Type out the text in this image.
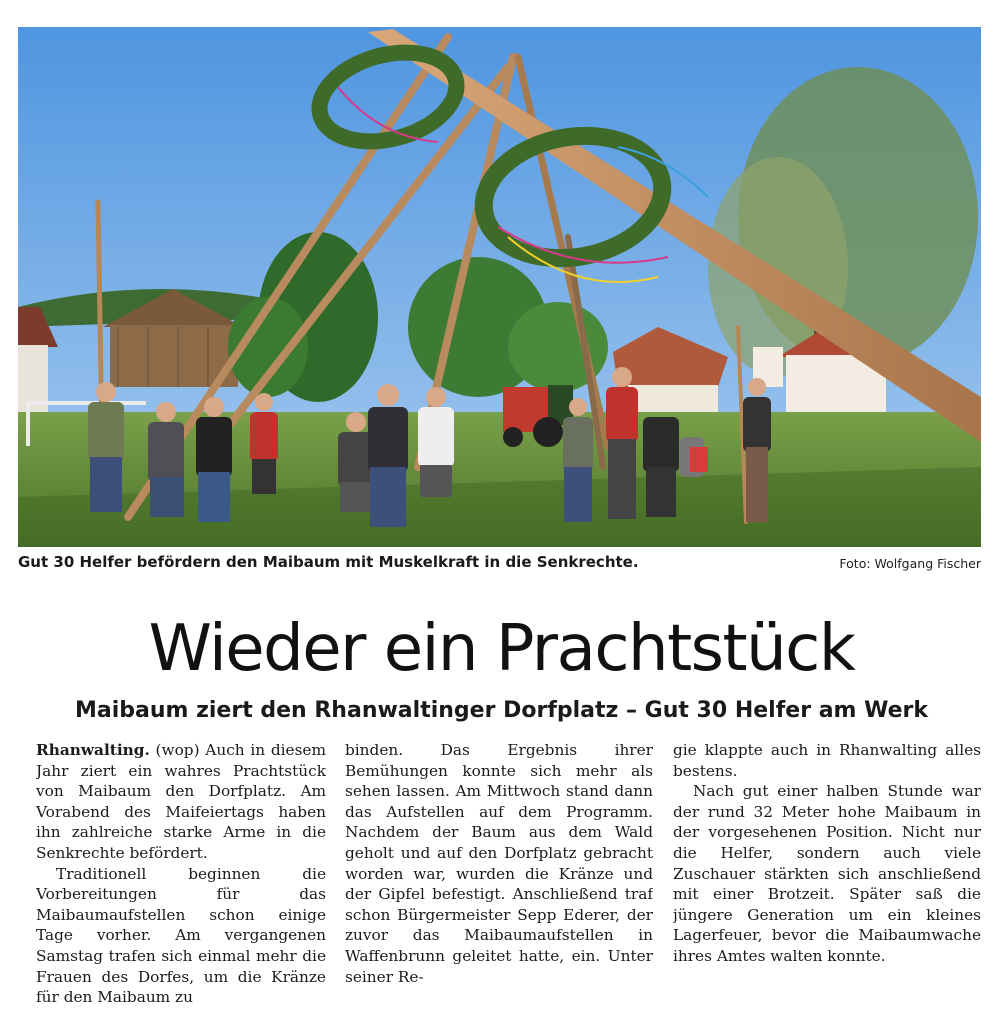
Gut 30 Helfer befördern den Maibaum mit Muskelkraft in die Senkrechte.	Foto: Wolfgang Fischer
Wieder ein Prachtstück
Maibaum ziert den Rhanwaltinger Dorfplatz – Gut 30 Helfer am Werk

Rhanwalting. (wop) Auch in diesem Jahr ziert ein wahres Prachtstück von Maibaum den Dorfplatz. Am Vorabend des Maifeiertags haben ihn zahlreiche starke Arme in die Senkrechte befördert.

Traditionell beginnen die Vorbereitungen für das Maibaumaufstellen schon einige Tage vorher. Am vergangenen Samstag trafen sich einmal mehr die Frauen des Dorfes, um die Kränze für den Maibaum zu

binden. Das Ergebnis ihrer Bemühungen konnte sich mehr als sehen lassen. Am Mittwoch stand dann das Aufstellen auf dem Programm. Nachdem der Baum aus dem Wald geholt und auf den Dorfplatz gebracht worden war, wurden die Kränze und der Gipfel befestigt. Anschließend traf schon Bürgermeister Sepp Ederer, der zuvor das Maibaumaufstellen in Waffenbrunn geleitet hatte, ein. Unter seiner Re-

gie klappte auch in Rhanwalting alles bestens.

Nach gut einer halben Stunde war der rund 32 Meter hohe Maibaum in der vorgesehenen Position. Nicht nur die Helfer, sondern auch viele Zuschauer stärkten sich anschließend mit einer Brotzeit. Später saß die jüngere Generation um ein kleines Lagerfeuer, bevor die Maibaumwache ihres Amtes walten konnte.
